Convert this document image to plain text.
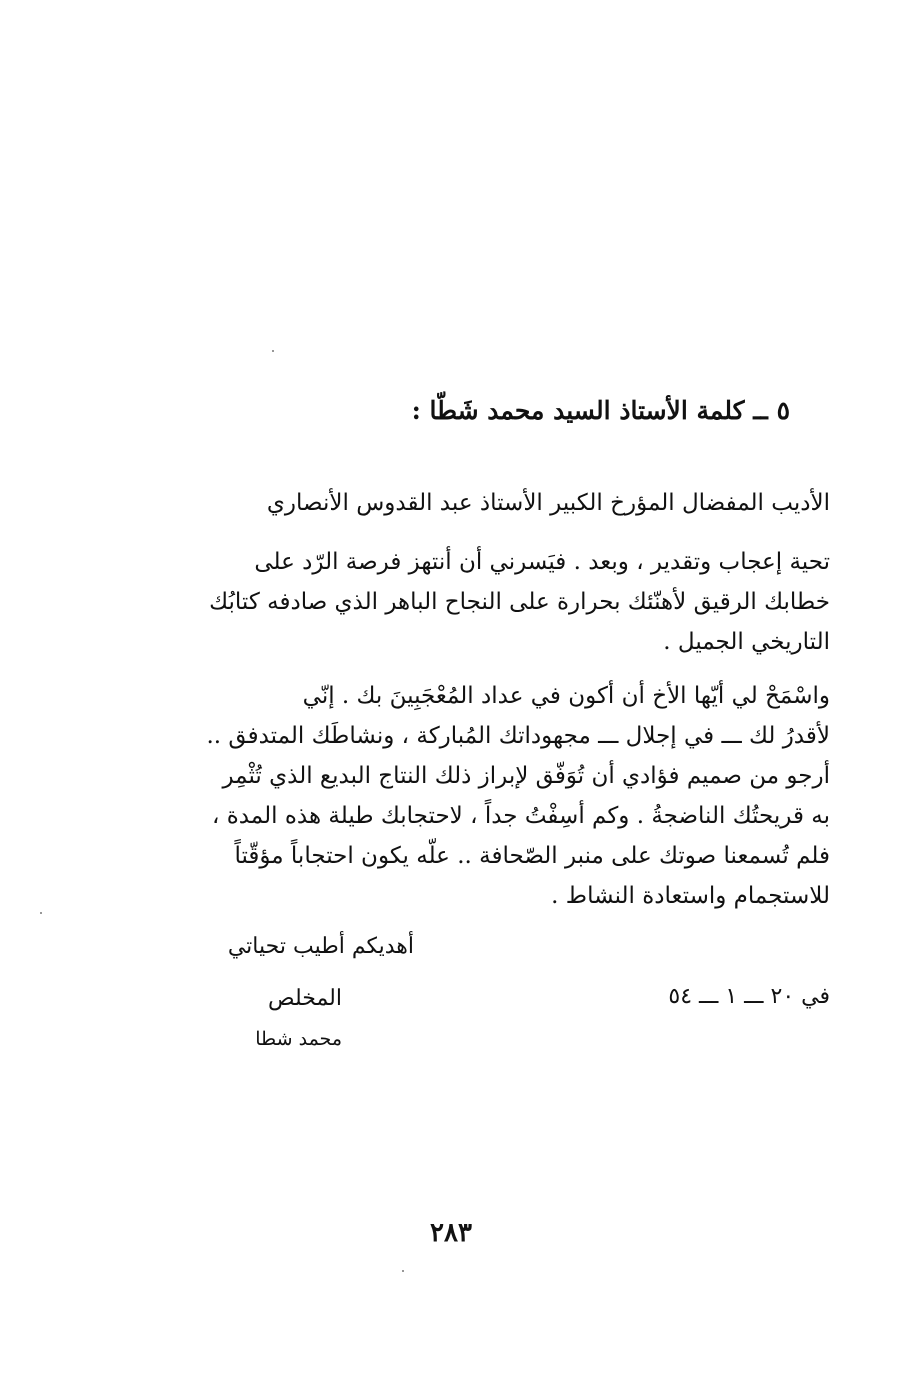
٥ ــ كلمة الأستاذ السيد محمد شَطّا :
الأديب المفضال المؤرخ الكبير الأستاذ عبد القدوس الأنصاري
تحية إعجاب وتقدير ، وبعد . فيَسرني أن أنتهز فرصة الرّد على
خطابك الرقيق لأهنّئك بحرارة على النجاح الباهر الذي صادفه كتابُك
التاريخي الجميل .
واسْمَحْ لي أيّها الأخ أن أكون في عداد المُعْجَبِينَ بك . إنّي
لأقدرُ لك ـــ في إجلال ـــ مجهوداتك المُباركة ، ونشاطَك المتدفق ..
أرجو من صميم فؤادي أن تُوَفّق لإبراز ذلك النتاج البديع الذي تُثْمِر
به قريحتُك الناضجةُ . وكم أسِفْتُ جداً ، لاحتجابك طيلة هذه المدة ،
فلم تُسمعنا صوتك على منبر الصّحافة .. علّه يكون احتجاباً مؤقّتاً
للاستجمام واستعادة النشاط .
أهديكم أطيب تحياتي
في ٢٠ ـــ ١ ـــ ٥٤
المخلص
محمد شطا
٢٨٣
